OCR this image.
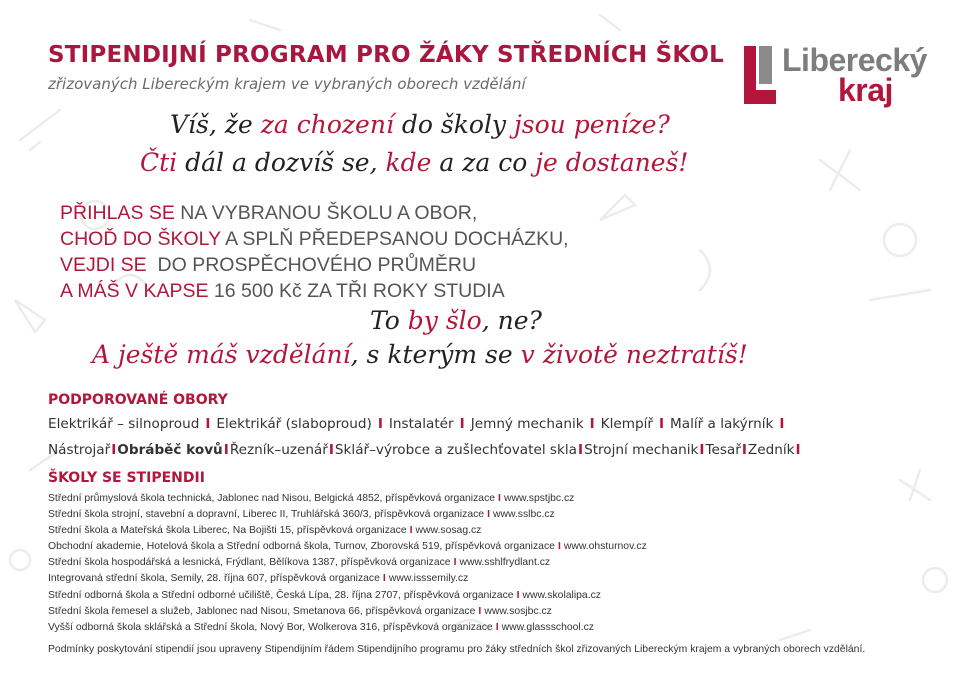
STIPENDIJNÍ PROGRAM PRO ŽÁKY STŘEDNÍCH ŠKOL

zřizovaných Libereckým krajem ve vybraných oborech vzdělání

Liberecký
kraj
Víš, že za chození do školy jsou peníze?
Čti dál a dozvíš se, kde a za co je dostaneš!
PŘIHLAS SE NA VYBRANOU ŠKOLU A OBOR,
CHOĎ DO ŠKOLY A SPLŇ PŘEDEPSANOU DOCHÁZKU,
VEJDI SE  DO PROSPĚCHOVÉHO PRŮMĚRU
A MÁŠ V KAPSE 16 500 Kč ZA TŘI ROKY STUDIA
To by šlo, ne?
A ještě máš vzdělání, s kterým se v životě neztratíš!
PODPOROVANÉ OBORY
Elektrikář – silnoproud I Elektrikář (slaboproud) I Instalatér I Jemný mechanik I Klempíř I Malíř a lakýrník I
NástrojařIObráběč kovůIŘezník–uzenářISklář–výrobce a zušlechťovatel sklaIStrojní mechanikITesařIZedníkI
ŠKOLY SE STIPENDII
Střední průmyslová škola technická, Jablonec nad Nisou, Belgická 4852, příspěvková organizace I www.spstjbc.cz
Střední škola strojní, stavební a dopravní, Liberec II, Truhlářská 360/3, příspěvková organizace I www.sslbc.cz
Střední škola a Mateřská škola Liberec, Na Bojišti 15, příspěvková organizace I www.sosag.cz
Obchodní akademie, Hotelová škola a Střední odborná škola, Turnov, Zborovská 519, příspěvková organizace I www.ohsturnov.cz
Střední škola hospodářská a lesnická, Frýdlant, Bělíkova 1387, příspěvková organizace I www.sshlfrydlant.cz
Integrovaná střední škola, Semily, 28. října 607, příspěvková organizace I www.isssemily.cz
Střední odborná škola a Střední odborné učiliště, Česká Lípa, 28. října 2707, příspěvková organizace I www.skolalipa.cz
Střední škola řemesel a služeb, Jablonec nad Nisou, Smetanova 66, příspěvková organizace I www.sosjbc.cz
Vyšší odborná škola sklářská a Střední škola, Nový Bor, Wolkerova 316, příspěvková organizace I www.glassschool.cz

Podmínky poskytování stipendií jsou upraveny Stipendijním řádem Stipendijního programu pro žáky středních škol zřizovaných Libereckým krajem a vybraných oborech vzdělání.
